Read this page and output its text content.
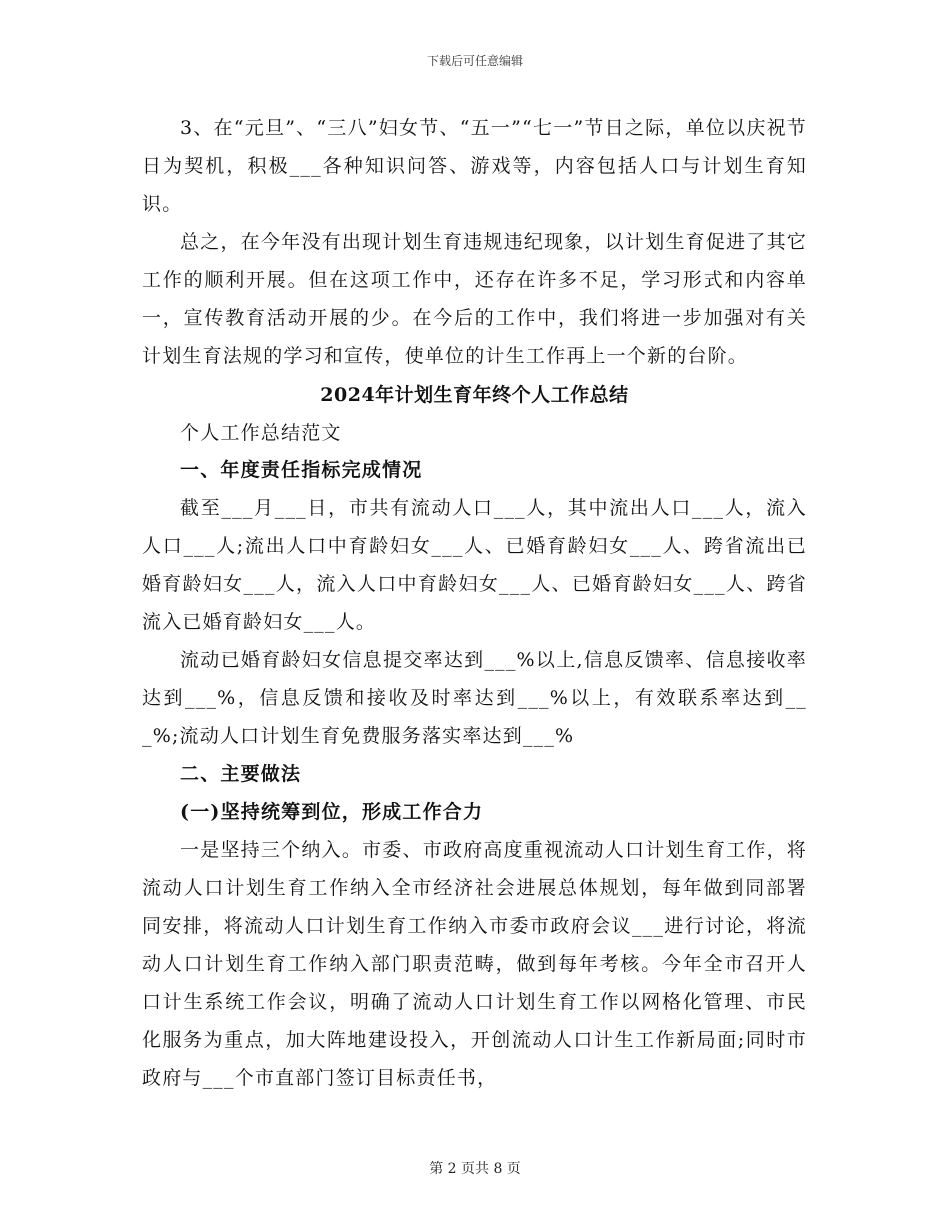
下载后可任意编辑

3、在“元旦”、“三八”妇女节、“五一”“七一”节日之际，单位以庆祝节日为契机，积极___各种知识问答、游戏等，内容包括人口与计划生育知识。

总之，在今年没有出现计划生育违规违纪现象，以计划生育促进了其它工作的顺利开展。但在这项工作中，还存在许多不足，学习形式和内容单一，宣传教育活动开展的少。在今后的工作中，我们将进一步加强对有关计划生育法规的学习和宣传，使单位的计生工作再上一个新的台阶。

2024年计划生育年终个人工作总结

个人工作总结范文

一、年度责任指标完成情况

截至___月___日，市共有流动人口___人，其中流出人口___人，流入人口___人;流出人口中育龄妇女___人、已婚育龄妇女___人、跨省流出已婚育龄妇女___人，流入人口中育龄妇女___人、已婚育龄妇女___人、跨省流入已婚育龄妇女___人。

流动已婚育龄妇女信息提交率达到___%以上,信息反馈率、信息接收率达到___%，信息反馈和接收及时率达到___%以上，有效联系率达到___%;流动人口计划生育免费服务落实率达到___%

二、主要做法
(一)坚持统筹到位，形成工作合力

一是坚持三个纳入。市委、市政府高度重视流动人口计划生育工作，将流动人口计划生育工作纳入全市经济社会进展总体规划，每年做到同部署同安排，将流动人口计划生育工作纳入市委市政府会议___进行讨论，将流动人口计划生育工作纳入部门职责范畴，做到每年考核。今年全市召开人口计生系统工作会议，明确了流动人口计划生育工作以网格化管理、市民化服务为重点，加大阵地建设投入，开创流动人口计生工作新局面;同时市政府与___个市直部门签订目标责任书，

第 2 页共 8 页
